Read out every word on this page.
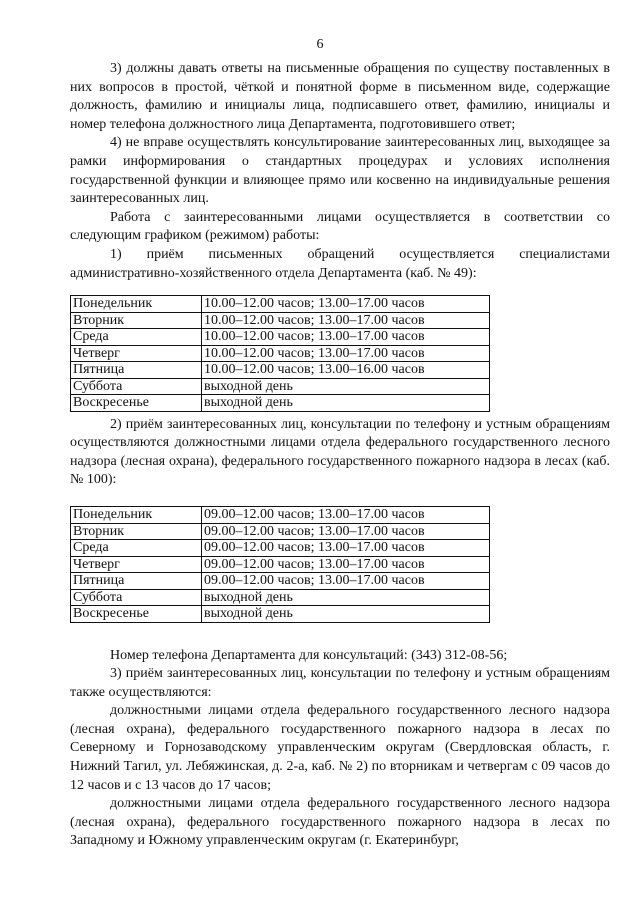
6

3) должны давать ответы на письменные обращения по существу поставленных в них вопросов в простой, чёткой и понятной форме в письменном виде, содержащие должность, фамилию и инициалы лица, подписавшего ответ, фамилию, инициалы и номер телефона должностного лица Департамента, подготовившего ответ;

4) не вправе осуществлять консультирование заинтересованных лиц, выходящее за рамки информирования о стандартных процедурах и условиях исполнения государственной функции и влияющее прямо или косвенно на индивидуальные решения заинтересованных лиц.

Работа с заинтересованными лицами осуществляется в соответствии со следующим графиком (режимом) работы:

1) приём письменных обращений осуществляется специалистами административно-хозяйственного отдела Департамента (каб. № 49):

Понедельник	10.00–12.00 часов; 13.00–17.00 часов
Вторник	10.00–12.00 часов; 13.00–17.00 часов
Среда	10.00–12.00 часов; 13.00–17.00 часов
Четверг	10.00–12.00 часов; 13.00–17.00 часов
Пятница	10.00–12.00 часов; 13.00–16.00 часов
Суббота	выходной день
Воскресенье	выходной день

2) приём заинтересованных лиц, консультации по телефону и устным обращениям осуществляются должностными лицами отдела федерального государственного лесного надзора (лесная охрана), федерального государственного пожарного надзора в лесах (каб. № 100):

Понедельник	09.00–12.00 часов; 13.00–17.00 часов
Вторник	09.00–12.00 часов; 13.00–17.00 часов
Среда	09.00–12.00 часов; 13.00–17.00 часов
Четверг	09.00–12.00 часов; 13.00–17.00 часов
Пятница	09.00–12.00 часов; 13.00–17.00 часов
Суббота	выходной день
Воскресенье	выходной день

Номер телефона Департамента для консультаций: (343) 312-08-56;

3) приём заинтересованных лиц, консультации по телефону и устным обращениям также осуществляются:

должностными лицами отдела федерального государственного лесного надзора (лесная охрана), федерального государственного пожарного надзора в лесах по Северному и Горнозаводскому управленческим округам (Свердловская область, г. Нижний Тагил, ул. Лебяжинская, д. 2-а, каб. № 2) по вторникам и четвергам с 09 часов до 12 часов и с 13 часов до 17 часов;

должностными лицами отдела федерального государственного лесного надзора (лесная охрана), федерального государственного пожарного надзора в лесах по Западному и Южному управленческим округам (г. Екатеринбург,
